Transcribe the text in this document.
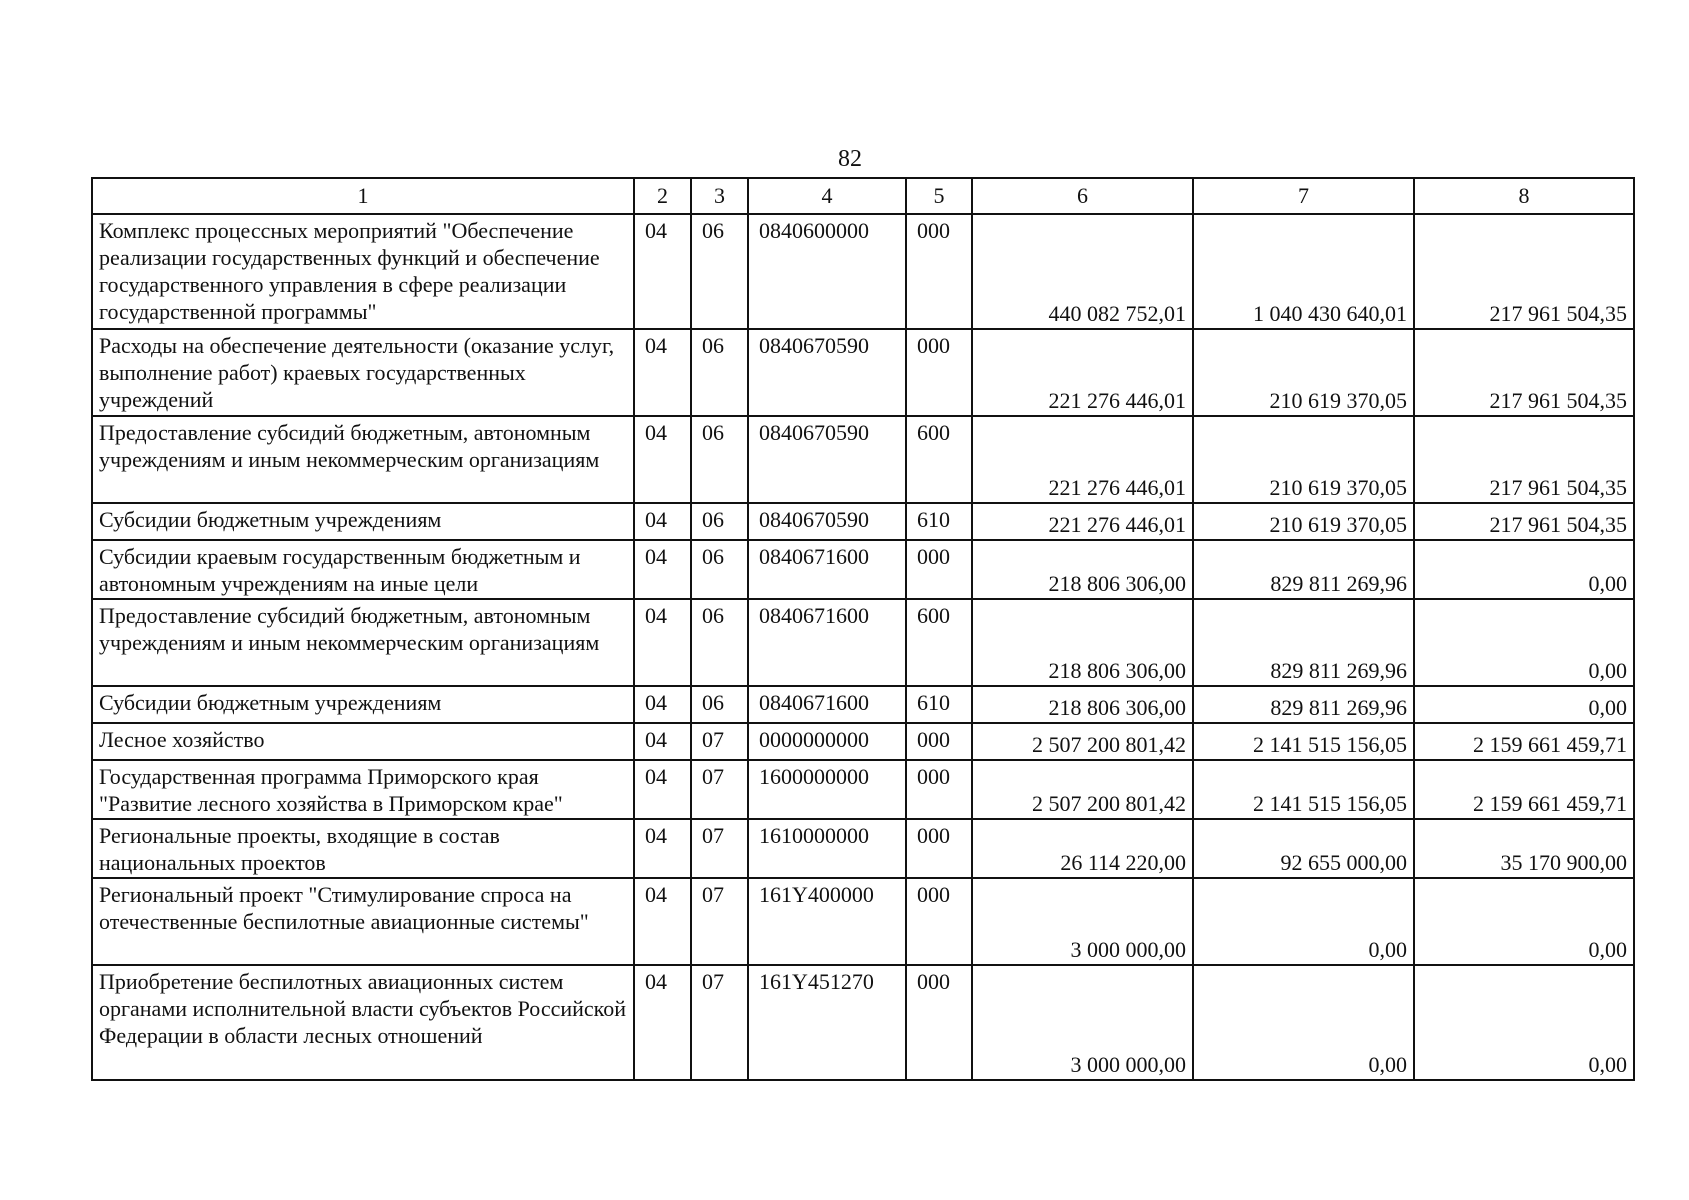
82
1	2	3	4	5	6	7	8
Комплекс процессных мероприятий "Обеспечение реализации государственных функций и обеспечение государственного управления в сфере реализации государственной программы"	04	06	0840600000	000	440 082 752,01	1 040 430 640,01	217 961 504,35
Расходы на обеспечение деятельности (оказание услуг, выполнение работ) краевых государственных учреждений	04	06	0840670590	000	221 276 446,01	210 619 370,05	217 961 504,35
Предоставление субсидий бюджетным, автономным учреждениям и иным некоммерческим организациям	04	06	0840670590	600	221 276 446,01	210 619 370,05	217 961 504,35
Субсидии бюджетным учреждениям	04	06	0840670590	610	221 276 446,01	210 619 370,05	217 961 504,35
Субсидии краевым государственным бюджетным и автономным учреждениям на иные цели	04	06	0840671600	000	218 806 306,00	829 811 269,96	0,00
Предоставление субсидий бюджетным, автономным учреждениям и иным некоммерческим организациям	04	06	0840671600	600	218 806 306,00	829 811 269,96	0,00
Субсидии бюджетным учреждениям	04	06	0840671600	610	218 806 306,00	829 811 269,96	0,00
Лесное хозяйство	04	07	0000000000	000	2 507 200 801,42	2 141 515 156,05	2 159 661 459,71
Государственная программа Приморского края "Развитие лесного хозяйства в Приморском крае"	04	07	1600000000	000	2 507 200 801,42	2 141 515 156,05	2 159 661 459,71
Региональные проекты, входящие в состав национальных проектов	04	07	1610000000	000	26 114 220,00	92 655 000,00	35 170 900,00
Региональный проект "Стимулирование спроса на отечественные беспилотные авиационные системы"	04	07	161Y400000	000	3 000 000,00	0,00	0,00
Приобретение беспилотных авиационных систем органами исполнительной власти субъектов Российской Федерации в области лесных отношений	04	07	161Y451270	000	3 000 000,00	0,00	0,00
